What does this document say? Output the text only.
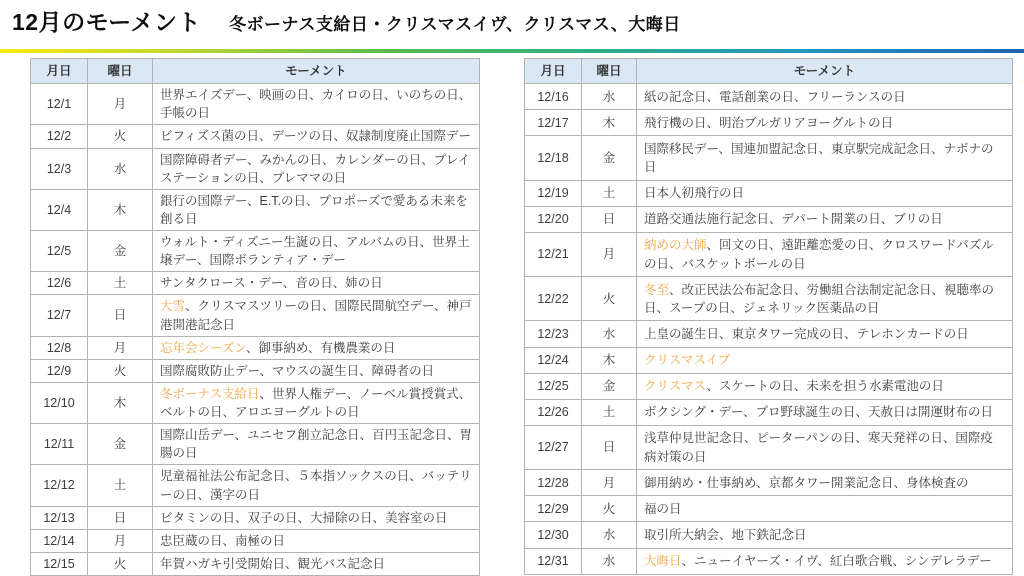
12月のモーメント 冬ボーナス支給日・クリスマスイヴ、クリスマス、大晦日
月日	曜日	モーメント
12/1	月	世界エイズデー、映画の日、カイロの日、いのちの日、手帳の日
12/2	火	ビフィズス菌の日、デーツの日、奴隷制度廃止国際デー
12/3	水	国際障碍者デー、みかんの日、カレンダーの日、プレイステーションの日、プレママの日
12/4	木	銀行の国際デー、E.T.の日、プロポーズで愛ある未来を創る日
12/5	金	ウォルト・ディズニー生誕の日、アルバムの日、世界土壌デー、国際ボランティア・デー
12/6	土	サンタクロース・デー、音の日、姉の日
12/7	日	大雪、クリスマスツリーの日、国際民間航空デー、神戸港開港記念日
12/8	月	忘年会シーズン、御事納め、有機農業の日
12/9	火	国際腐敗防止デー、マウスの誕生日、障碍者の日
12/10	木	冬ボーナス支給日、世界人権デー、ノーベル賞授賞式、ベルトの日、アロエヨーグルトの日
12/11	金	国際山岳デー、ユニセフ創立記念日、百円玉記念日、胃腸の日
12/12	土	児童福祉法公布記念日、５本指ソックスの日、バッテリーの日、漢字の日
12/13	日	ビタミンの日、双子の日、大掃除の日、美容室の日
12/14	月	忠臣蔵の日、南極の日
12/15	火	年賀ハガキ引受開始日、観光バス記念日
月日	曜日	モーメント
12/16	水	紙の記念日、電話創業の日、フリーランスの日
12/17	木	飛行機の日、明治ブルガリアヨーグルトの日
12/18	金	国際移民デー、国連加盟記念日、東京駅完成記念日、ナボナの日
12/19	土	日本人初飛行の日
12/20	日	道路交通法施行記念日、デパート開業の日、ブリの日
12/21	月	納めの大師、回文の日、遠距離恋愛の日、クロスワードパズルの日、バスケットボールの日
12/22	火	冬至、改正民法公布記念日、労働組合法制定記念日、視聴率の日、スープの日、ジェネリック医薬品の日
12/23	水	上皇の誕生日、東京タワー完成の日、テレホンカードの日
12/24	木	クリスマスイブ
12/25	金	クリスマス、スケートの日、未来を担う水素電池の日
12/26	土	ボクシング・デー、プロ野球誕生の日、天赦日は開運財布の日
12/27	日	浅草仲見世記念日、ピーターパンの日、寒天発祥の日、国際疫病対策の日
12/28	月	御用納め・仕事納め、京都タワー開業記念日、身体検査の
12/29	火	福の日
12/30	水	取引所大納会、地下鉄記念日
12/31	水	大晦日、ニューイヤーズ・イヴ、紅白歌合戦、シンデレラデー
